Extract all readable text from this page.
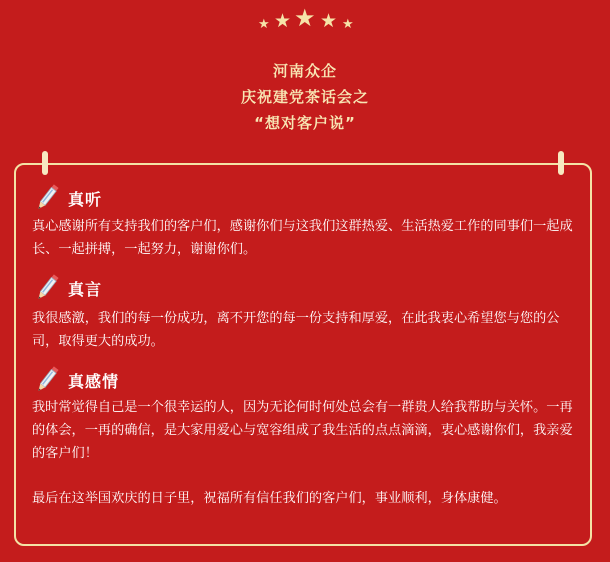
★ ★ ★ ★ ★
河南众企
庆祝建党茶话会之
“想对客户说”
真听
真心感谢所有支持我们的客户们，感谢你们与这我们这群热爱、生活热爱工作的同事们一起成长、一起拼搏，一起努力，谢谢你们。
真言
我很感激，我们的每一份成功，离不开您的每一份支持和厚爱，在此我衷心希望您与您的公司，取得更大的成功。
真感情
我时常觉得自己是一个很幸运的人，因为无论何时何处总会有一群贵人给我帮助与关怀。一再的体会，一再的确信，是大家用爱心与宽容组成了我生活的点点滴滴，衷心感谢你们，我亲爱的客户们！
最后在这举国欢庆的日子里，祝福所有信任我们的客户们，事业顺利，身体康健。
